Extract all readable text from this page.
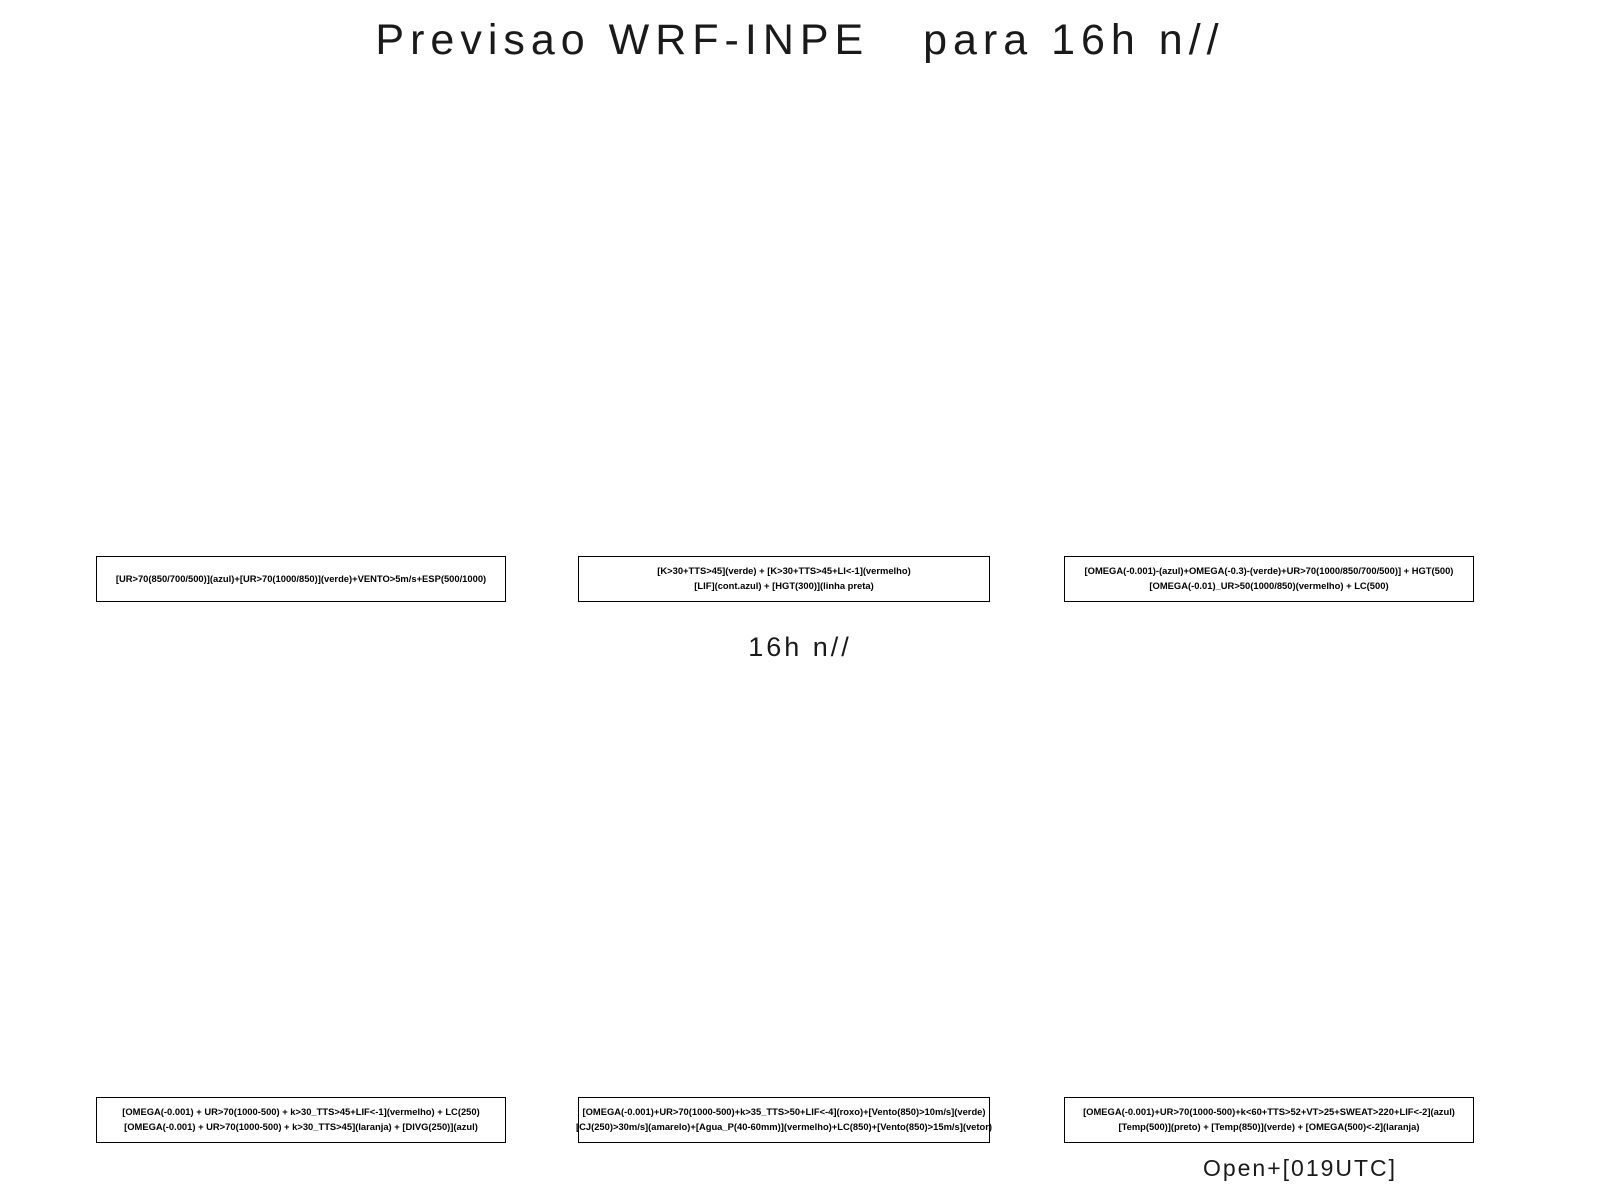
Previsao WRF-INPE   para 16h n//
[UR>70(850/700/500)](azul)+[UR>70(1000/850)](verde)+VENTO>5m/s+ESP(500/1000)
[K>30+TTS>45](verde) + [K>30+TTS>45+LI<-1](vermelho)
[LIF](cont.azul) + [HGT(300)](linha preta)
[OMEGA(-0.001)-(azul)+OMEGA(-0.3)-(verde)+UR>70(1000/850/700/500)] + HGT(500)
[OMEGA(-0.01)_UR>50(1000/850)(vermelho) + LC(500)
16h n//
[OMEGA(-0.001) + UR>70(1000-500) + k>30_TTS>45+LIF<-1](vermelho) + LC(250)
[OMEGA(-0.001) + UR>70(1000-500) + k>30_TTS>45](laranja) + [DIVG(250)](azul)
[OMEGA(-0.001)+UR>70(1000-500)+k>35_TTS>50+LIF<-4](roxo)+[Vento(850)>10m/s](verde)
[CJ(250)>30m/s](amarelo)+[Agua_P(40-60mm)](vermelho)+LC(850)+[Vento(850)>15m/s](vetor)
[OMEGA(-0.001)+UR>70(1000-500)+k<60+TTS>52+VT>25+SWEAT>220+LIF<-2](azul)
[Temp(500)](preto) + [Temp(850)](verde) + [OMEGA(500)<-2](laranja)
Open+[019UTC]
